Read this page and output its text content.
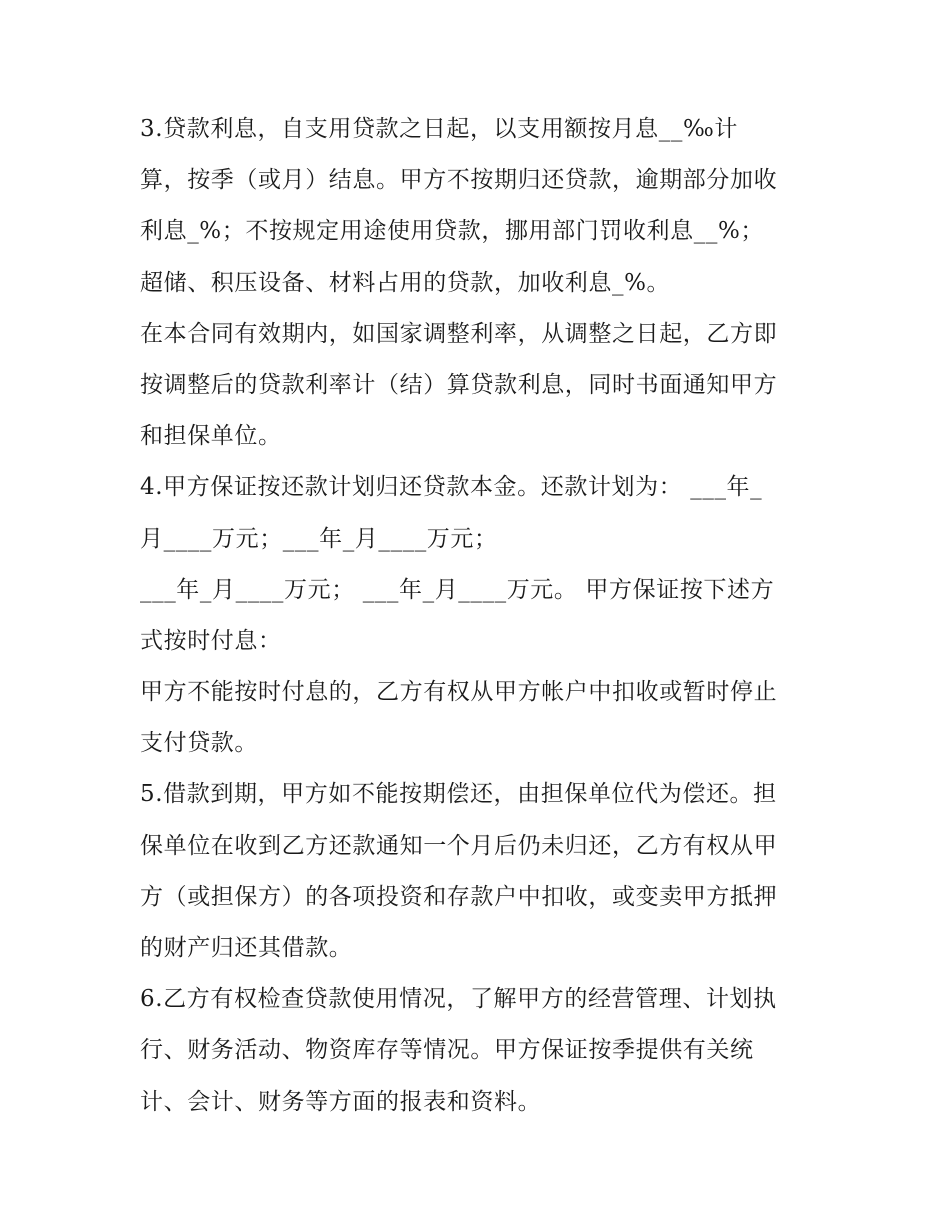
3.贷款利息，自支用贷款之日起，以支用额按月息__‰计
算，按季（或月）结息。甲方不按期归还贷款，逾期部分加收
利息_%；不按规定用途使用贷款，挪用部门罚收利息__%；
超储、积压设备、材料占用的贷款，加收利息_%。
在本合同有效期内，如国家调整利率，从调整之日起，乙方即
按调整后的贷款利率计（结）算贷款利息，同时书面通知甲方
和担保单位。
4.甲方保证按还款计划归还贷款本金。还款计划为： ___年_
月____万元；___年_月____万元；
___年_月____万元； ___年_月____万元。 甲方保证按下述方
式按时付息：
甲方不能按时付息的，乙方有权从甲方帐户中扣收或暂时停止
支付贷款。
5.借款到期，甲方如不能按期偿还，由担保单位代为偿还。担
保单位在收到乙方还款通知一个月后仍未归还，乙方有权从甲
方（或担保方）的各项投资和存款户中扣收，或变卖甲方抵押
的财产归还其借款。
6.乙方有权检查贷款使用情况，了解甲方的经营管理、计划执
行、财务活动、物资库存等情况。甲方保证按季提供有关统
计、会计、财务等方面的报表和资料。
